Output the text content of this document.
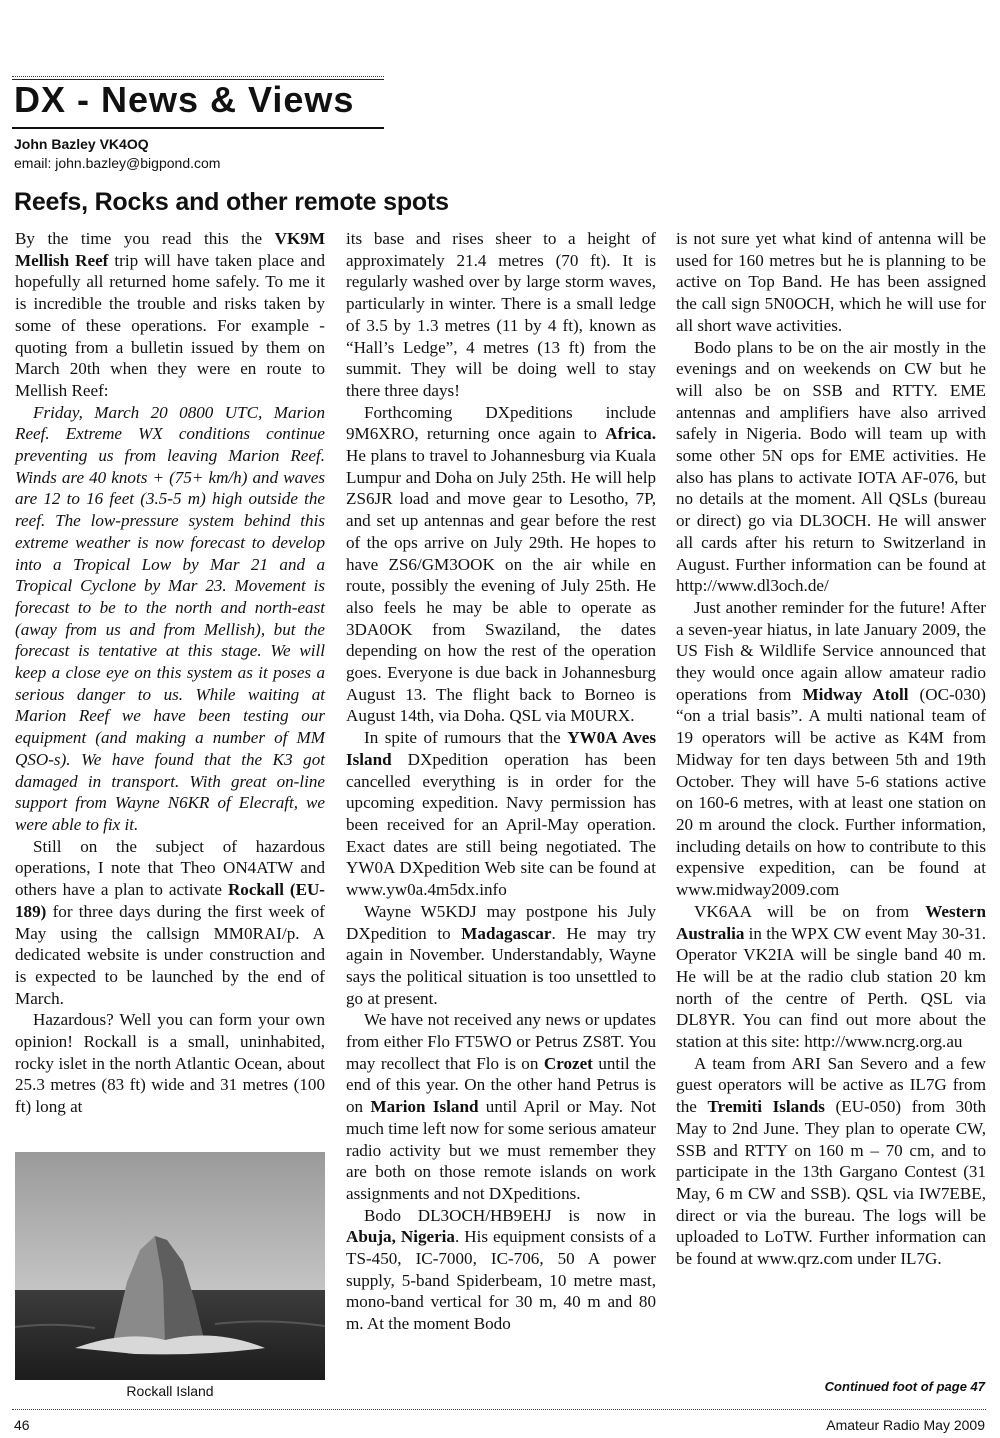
DX - News & Views
John Bazley VK4OQ
email: john.bazley@bigpond.com
Reefs, Rocks and other remote spots

By the time you read this the VK9M Mellish Reef trip will have taken place and hopefully all returned home safely. To me it is incredible the trouble and risks taken by some of these operations. For example - quoting from a bulletin issued by them on March 20th when they were en route to Mellish Reef:

Friday, March 20 0800 UTC, Marion Reef. Extreme WX conditions continue preventing us from leaving Marion Reef. Winds are 40 knots + (75+ km/h) and waves are 12 to 16 feet (3.5-5 m) high outside the reef. The low-pressure system behind this extreme weather is now forecast to develop into a Tropical Low by Mar 21 and a Tropical Cyclone by Mar 23. Movement is forecast to be to the north and north-east (away from us and from Mellish), but the forecast is tentative at this stage. We will keep a close eye on this system as it poses a serious danger to us. While waiting at Marion Reef we have been testing our equipment (and making a number of MM QSO-s). We have found that the K3 got damaged in transport. With great on-line support from Wayne N6KR of Elecraft, we were able to fix it.

Still on the subject of hazardous operations, I note that Theo ON4ATW and others have a plan to activate Rockall (EU-189) for three days during the first week of May using the callsign MM0RAI/p. A dedicated website is under construction and is expected to be launched by the end of March.

Hazardous? Well you can form your own opinion! Rockall is a small, uninhabited, rocky islet in the north Atlantic Ocean, about 25.3 metres (83 ft) wide and 31 metres (100 ft) long at

Rockall Island

its base and rises sheer to a height of approximately 21.4 metres (70 ft). It is regularly washed over by large storm waves, particularly in winter. There is a small ledge of 3.5 by 1.3 metres (11 by 4 ft), known as “Hall’s Ledge”, 4 metres (13 ft) from the summit. They will be doing well to stay there three days!

Forthcoming DXpeditions include 9M6XRO, returning once again to Africa. He plans to travel to Johannesburg via Kuala Lumpur and Doha on July 25th. He will help ZS6JR load and move gear to Lesotho, 7P, and set up antennas and gear before the rest of the ops arrive on July 29th. He hopes to have ZS6/GM3OOK on the air while en route, possibly the evening of July 25th. He also feels he may be able to operate as 3DA0OK from Swaziland, the dates depending on how the rest of the operation goes. Everyone is due back in Johannesburg August 13. The flight back to Borneo is August 14th, via Doha. QSL via M0URX.

In spite of rumours that the YW0A Aves Island DXpedition operation has been cancelled everything is in order for the upcoming expedition. Navy permission has been received for an April-May operation. Exact dates are still being negotiated. The YW0A DXpedition Web site can be found at www.yw0a.4m5dx.info

Wayne W5KDJ may postpone his July DXpedition to Madagascar. He may try again in November. Understandably, Wayne says the political situation is too unsettled to go at present.

We have not received any news or updates from either Flo FT5WO or Petrus ZS8T. You may recollect that Flo is on Crozet until the end of this year. On the other hand Petrus is on Marion Island until April or May. Not much time left now for some serious amateur radio activity but we must remember they are both on those remote islands on work assignments and not DXpeditions.

Bodo DL3OCH/HB9EHJ is now in Abuja, Nigeria. His equipment consists of a TS-450, IC-7000, IC-706, 50 A power supply, 5-band Spiderbeam, 10 metre mast, mono-band vertical for 30 m, 40 m and 80 m. At the moment Bodo

is not sure yet what kind of antenna will be used for 160 metres but he is planning to be active on Top Band. He has been assigned the call sign 5N0OCH, which he will use for all short wave activities.

Bodo plans to be on the air mostly in the evenings and on weekends on CW but he will also be on SSB and RTTY. EME antennas and amplifiers have also arrived safely in Nigeria. Bodo will team up with some other 5N ops for EME activities. He also has plans to activate IOTA AF-076, but no details at the moment. All QSLs (bureau or direct) go via DL3OCH. He will answer all cards after his return to Switzerland in August. Further information can be found at http://www.dl3och.de/

Just another reminder for the future! After a seven-year hiatus, in late January 2009, the US Fish & Wildlife Service announced that they would once again allow amateur radio operations from Midway Atoll (OC-030) “on a trial basis”. A multi national team of 19 operators will be active as K4M from Midway for ten days between 5th and 19th October. They will have 5-6 stations active on 160-6 metres, with at least one station on 20 m around the clock. Further information, including details on how to contribute to this expensive expedition, can be found at www.midway2009.com

VK6AA will be on from Western Australia in the WPX CW event May 30-31. Operator VK2IA will be single band 40 m. He will be at the radio club station 20 km north of the centre of Perth. QSL via DL8YR. You can find out more about the station at this site: http://www.ncrg.org.au

A team from ARI San Severo and a few guest operators will be active as IL7G from the Tremiti Islands (EU-050) from 30th May to 2nd June. They plan to operate CW, SSB and RTTY on 160 m – 70 cm, and to participate in the 13th Gargano Contest (31 May, 6 m CW and SSB). QSL via IW7EBE, direct or via the bureau. The logs will be uploaded to LoTW. Further information can be found at www.qrz.com under IL7G.

Continued foot of page 47
46	Amateur Radio May 2009
